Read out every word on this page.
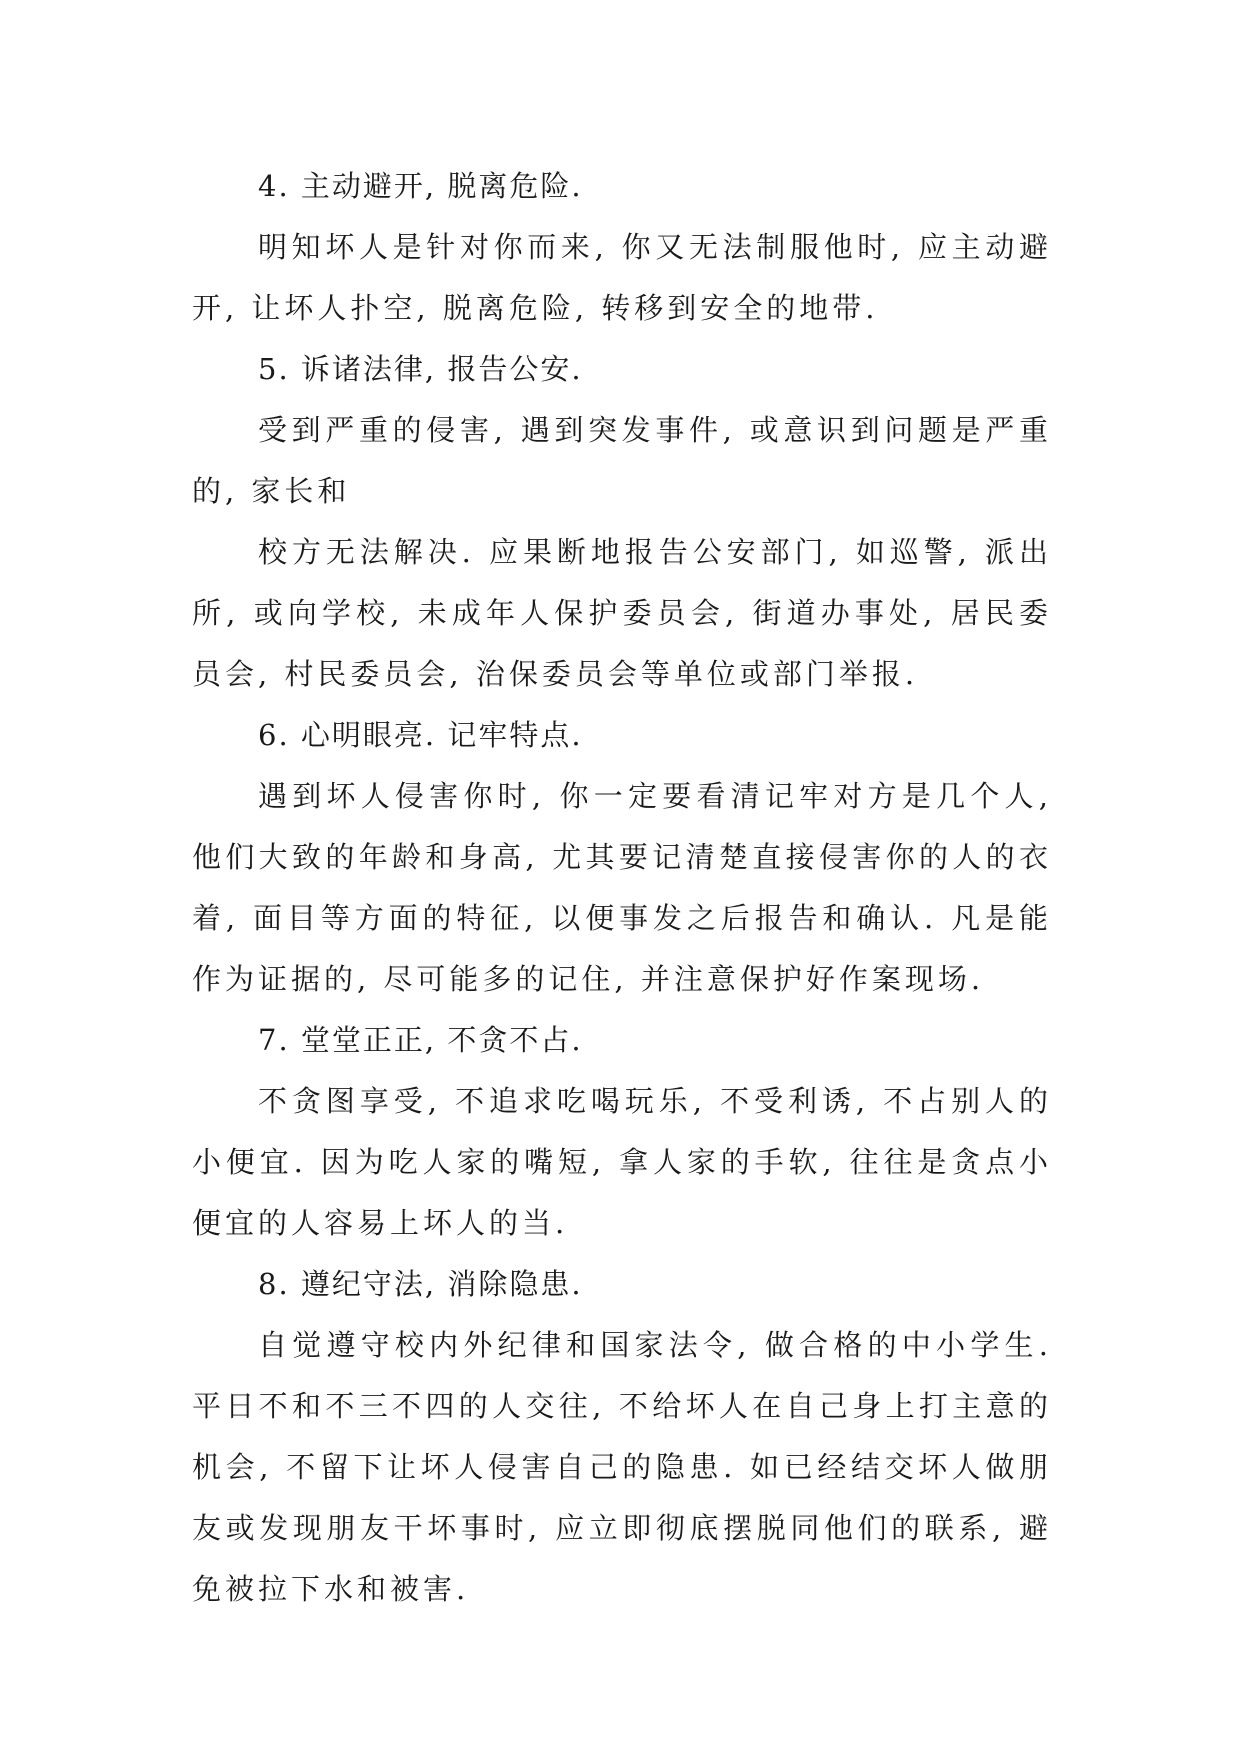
4. 主动避开, 脱离危险.

明知坏人是针对你而来, 你又无法制服他时, 应主动避开, 让坏人扑空, 脱离危险, 转移到安全的地带.

5. 诉诸法律, 报告公安.

受到严重的侵害, 遇到突发事件, 或意识到问题是严重的, 家长和

校方无法解决. 应果断地报告公安部门, 如巡警, 派出所, 或向学校, 未成年人保护委员会, 街道办事处, 居民委员会, 村民委员会, 治保委员会等单位或部门举报.

6. 心明眼亮. 记牢特点.

遇到坏人侵害你时, 你一定要看清记牢对方是几个人, 他们大致的年龄和身高, 尤其要记清楚直接侵害你的人的衣着, 面目等方面的特征, 以便事发之后报告和确认. 凡是能作为证据的, 尽可能多的记住, 并注意保护好作案现场.

7. 堂堂正正, 不贪不占.

不贪图享受, 不追求吃喝玩乐, 不受利诱, 不占别人的小便宜. 因为吃人家的嘴短, 拿人家的手软, 往往是贪点小便宜的人容易上坏人的当.

8. 遵纪守法, 消除隐患.

自觉遵守校内外纪律和国家法令, 做合格的中小学生. 平日不和不三不四的人交往, 不给坏人在自己身上打主意的机会, 不留下让坏人侵害自己的隐患. 如已经结交坏人做朋友或发现朋友干坏事时, 应立即彻底摆脱同他们的联系, 避免被拉下水和被害.
